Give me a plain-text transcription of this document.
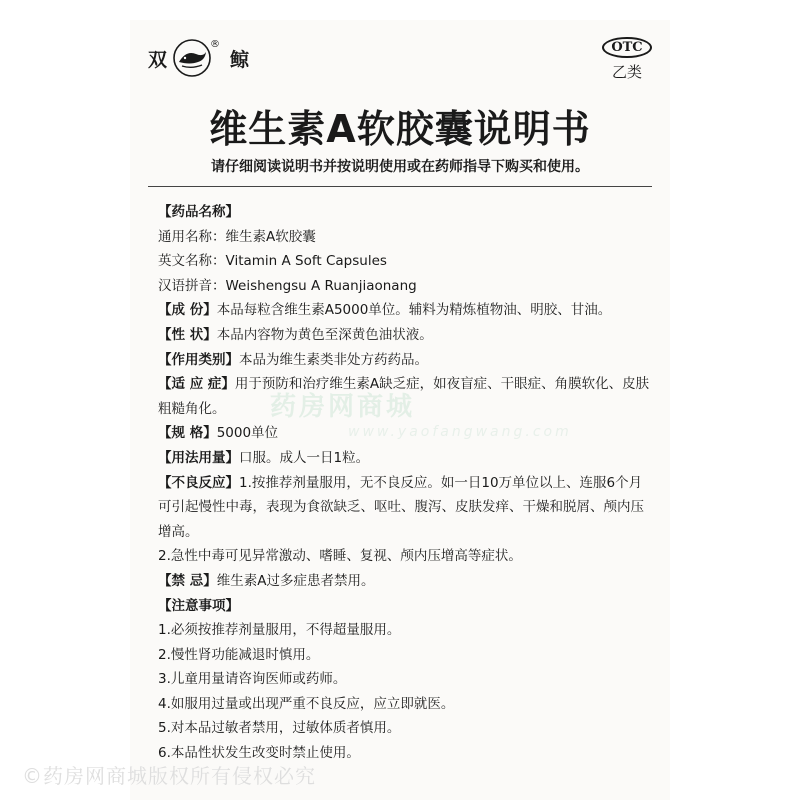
双
®
鲸
OTC
乙类
维生素A软胶囊说明书
请仔细阅读说明书并按说明使用或在药师指导下购买和使用。
药房网商城
www.yaofangwang.com
【药品名称】
通用名称：维生素A软胶囊
英文名称：Vitamin A Soft Capsules
汉语拼音：Weishengsu A Ruanjiaonang
【成 份】本品每粒含维生素A5000单位。辅料为精炼植物油、明胶、甘油。
【性 状】本品内容物为黄色至深黄色油状液。
【作用类别】本品为维生素类非处方药药品。
【适 应 症】用于预防和治疗维生素A缺乏症，如夜盲症、干眼症、角膜软化、皮肤粗糙角化。
【规 格】5000单位
【用法用量】口服。成人一日1粒。
【不良反应】1.按推荐剂量服用，无不良反应。如一日10万单位以上、连服6个月可引起慢性中毒，表现为食欲缺乏、呕吐、腹泻、皮肤发痒、干燥和脱屑、颅内压增高。
2.急性中毒可见异常激动、嗜睡、复视、颅内压增高等症状。
【禁 忌】维生素A过多症患者禁用。
【注意事项】
1.必须按推荐剂量服用，不得超量服用。
2.慢性肾功能减退时慎用。
3.儿童用量请咨询医师或药师。
4.如服用过量或出现严重不良反应，应立即就医。
5.对本品过敏者禁用，过敏体质者慎用。
6.本品性状发生改变时禁止使用。
©药房网商城版权所有侵权必究
